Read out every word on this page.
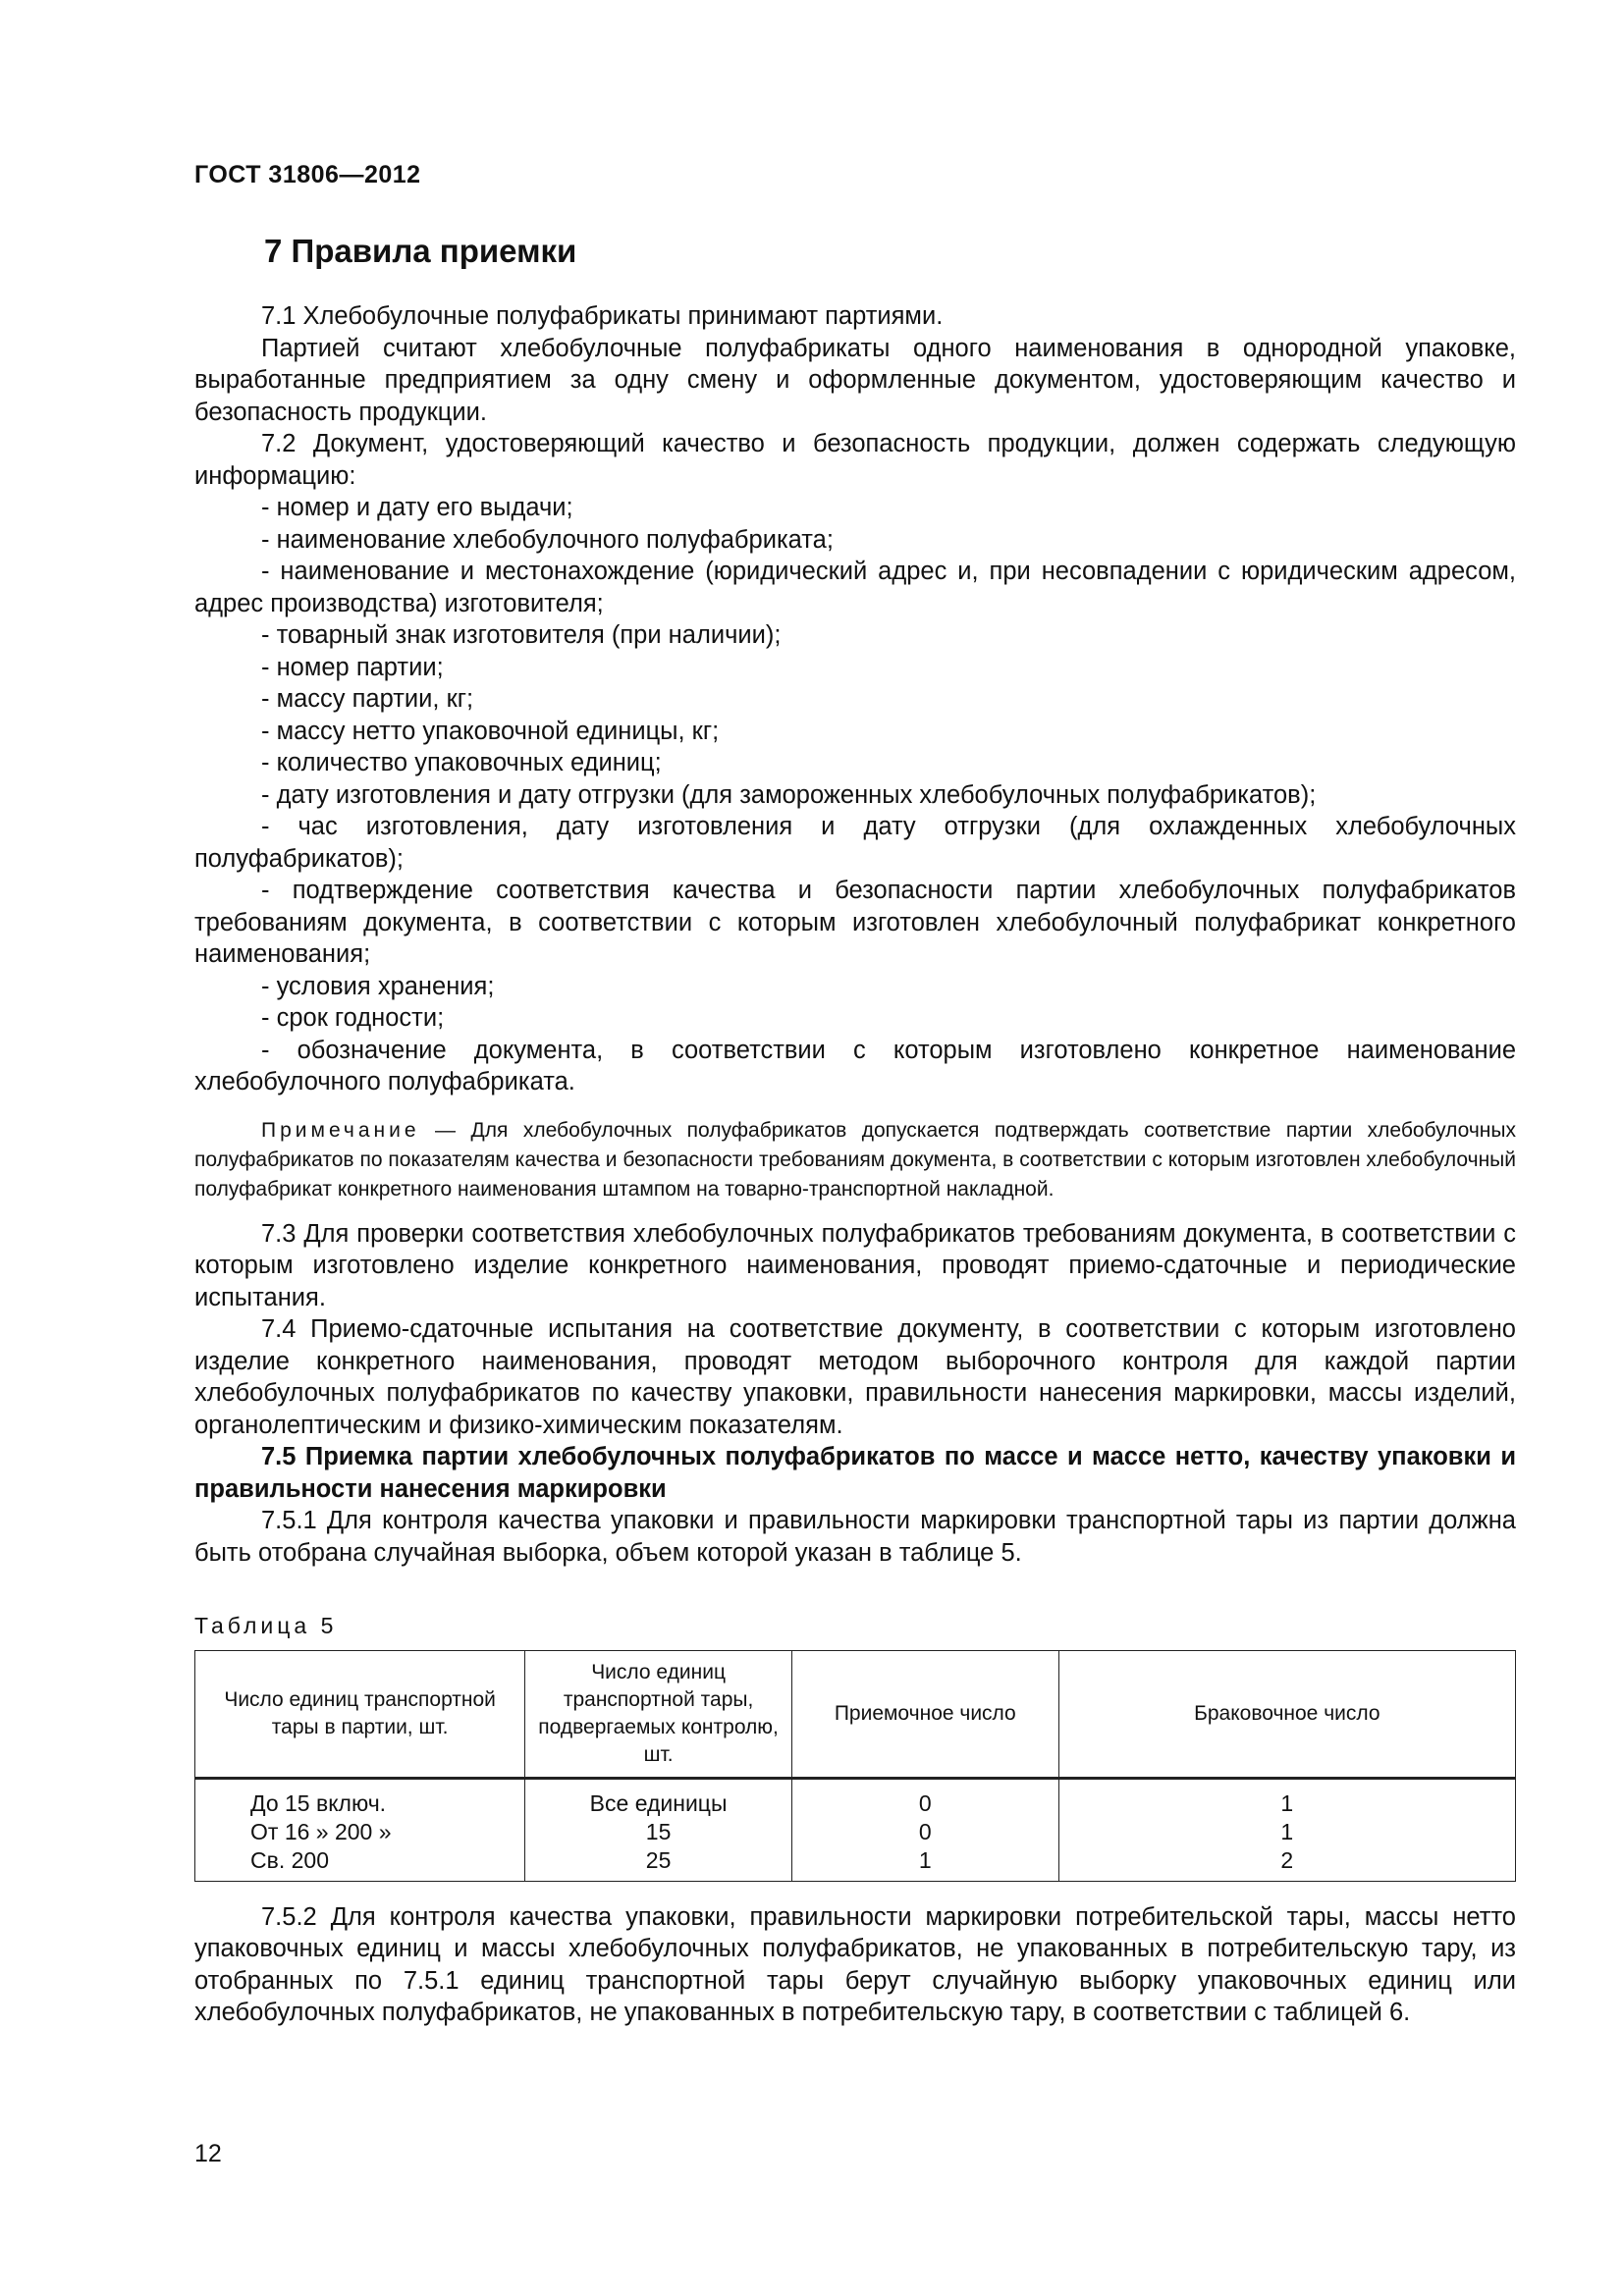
ГОСТ 31806—2012
7 Правила приемки

7.1 Хлебобулочные полуфабрикаты принимают партиями.

Партией считают хлебобулочные полуфабрикаты одного наименования в однородной упаковке, выработанные предприятием за одну смену и оформленные документом, удостоверяющим качество и безопасность продукции.

7.2 Документ, удостоверяющий качество и безопасность продукции, должен содержать следующую информацию:

- номер и дату его выдачи;

- наименование хлебобулочного полуфабриката;

- наименование и местонахождение (юридический адрес и, при несовпадении с юридическим адресом, адрес производства) изготовителя;

- товарный знак изготовителя (при наличии);

- номер партии;

- массу партии, кг;

- массу нетто упаковочной единицы, кг;

- количество упаковочных единиц;

- дату изготовления и дату отгрузки (для замороженных хлебобулочных полуфабрикатов);

- час изготовления, дату изготовления и дату отгрузки (для охлажденных хлебобулочных полуфабрикатов);

- подтверждение соответствия качества и безопасности партии хлебобулочных полуфабрикатов требованиям документа, в соответствии с которым изготовлен хлебобулочный полуфабрикат конкретного наименования;

- условия хранения;

- срок годности;

- обозначение документа, в соответствии с которым изготовлено конкретное наименование хлебобулочного полуфабриката.

Примечание — Для хлебобулочных полуфабрикатов допускается подтверждать соответствие партии хлебобулочных полуфабрикатов по показателям качества и безопасности требованиям документа, в соответствии с которым изготовлен хлебобулочный полуфабрикат конкретного наименования штампом на товарно-транспортной накладной.

7.3 Для проверки соответствия хлебобулочных полуфабрикатов требованиям документа, в соответствии с которым изготовлено изделие конкретного наименования, проводят приемо-сдаточные и периодические испытания.

7.4 Приемо-сдаточные испытания на соответствие документу, в соответствии с которым изготовлено изделие конкретного наименования, проводят методом выборочного контроля для каждой партии хлебобулочных полуфабрикатов по качеству упаковки, правильности нанесения маркировки, массы изделий, органолептическим и физико-химическим показателям.

7.5 Приемка партии хлебобулочных полуфабрикатов по массе и массе нетто, качеству упаковки и правильности нанесения маркировки

7.5.1 Для контроля качества упаковки и правильности маркировки транспортной тары из партии должна быть отобрана случайная выборка, объем которой указан в таблице 5.

Таблица 5

Число единиц транспортной тары в партии, шт.	Число единиц транспортной тары, подвергаемых контролю, шт.	Приемочное число	Браковочное число
До 15 включ.	Все единицы	0	1
От 16 » 200 »	15	0	1
Св. 200	25	1	2

7.5.2 Для контроля качества упаковки, правильности маркировки потребительской тары, массы нетто упаковочных единиц и массы хлебобулочных полуфабрикатов, не упакованных в потребительскую тару, из отобранных по 7.5.1 единиц транспортной тары берут случайную выборку упаковочных единиц или хлебобулочных полуфабрикатов, не упакованных в потребительскую тару, в соответствии с таблицей 6.

12
